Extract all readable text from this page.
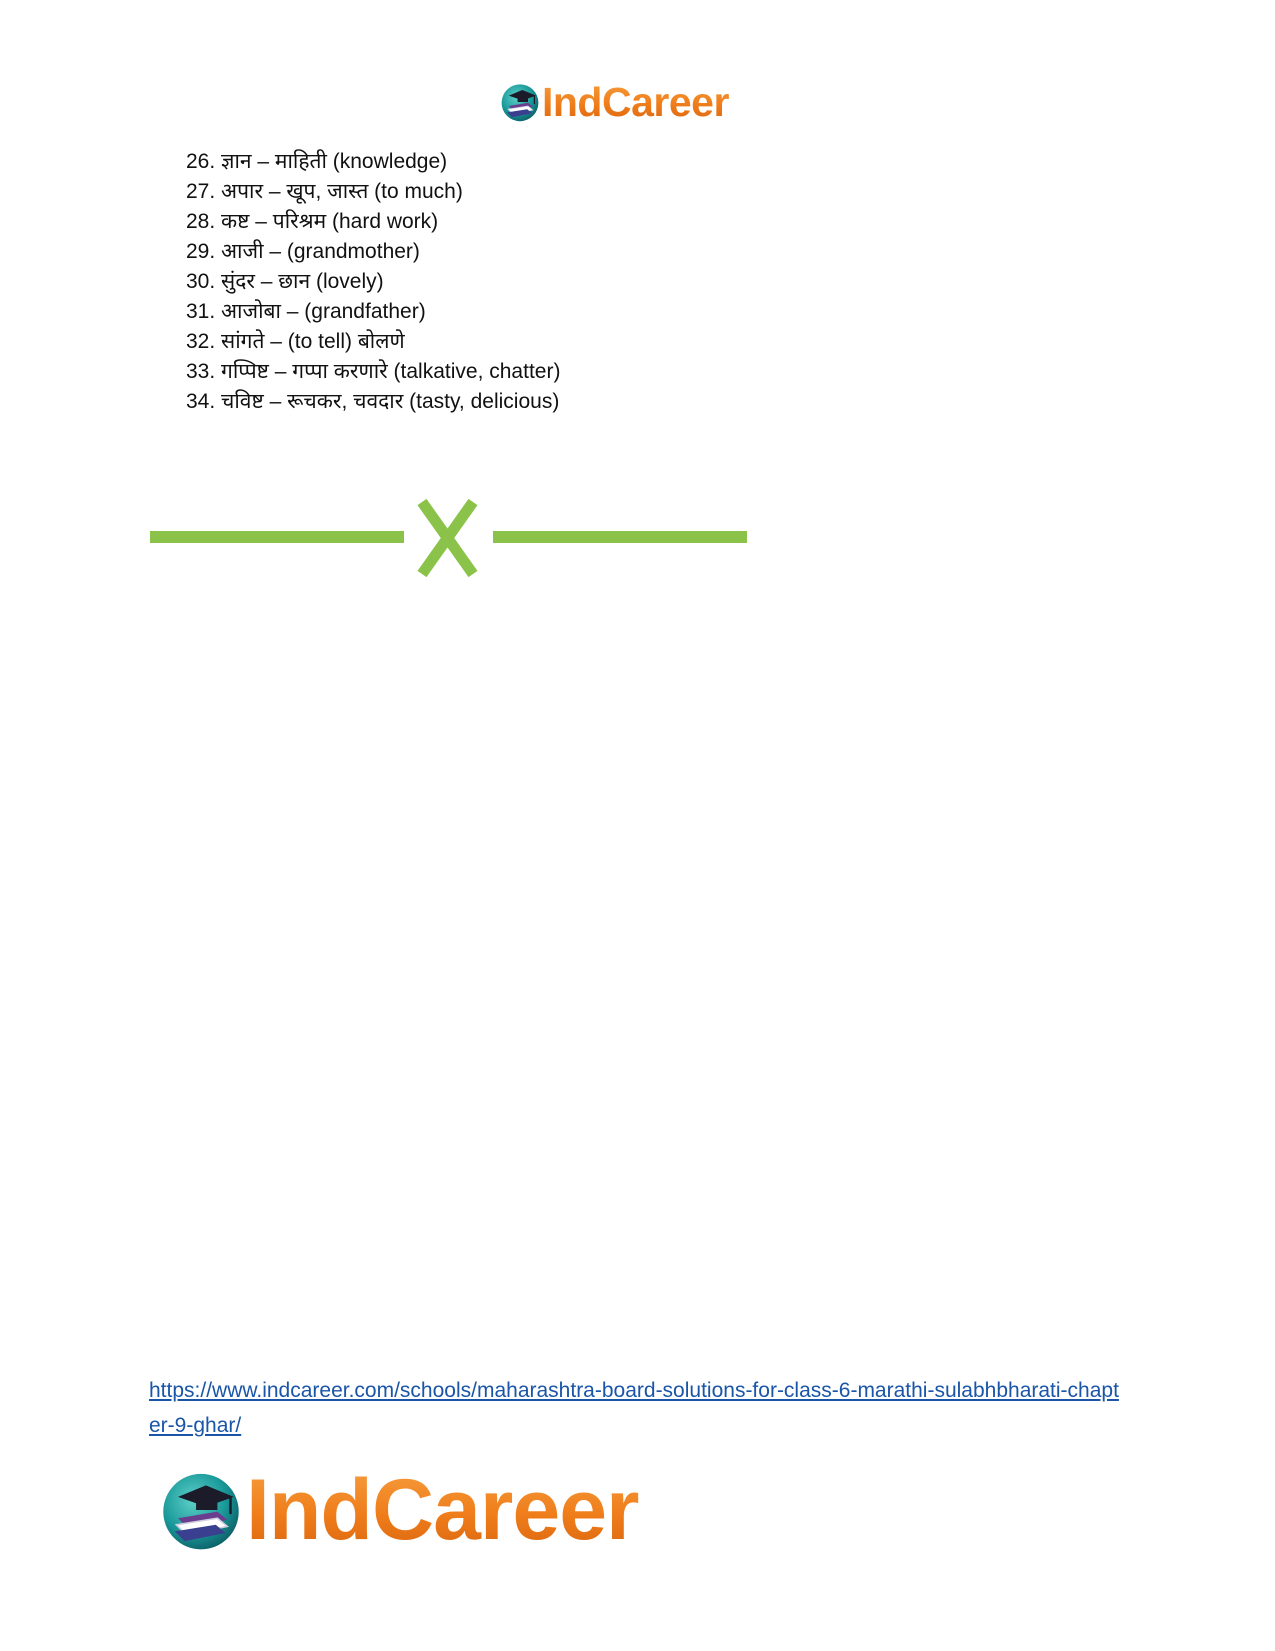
IndCareer
26. ज्ञान – माहिती (knowledge)
27. अपार – खूप, जास्त (to much)
28. कष्ट – परिश्रम (hard work)
29. आजी – (grandmother)
30. सुंदर – छान (lovely)
31. आजोबा – (grandfather)
32. सांगते – (to tell) बोलणे
33. गप्पिष्ट – गप्पा करणारे (talkative, chatter)
34. चविष्ट – रूचकर, चवदार (tasty, delicious)
https://www.indcareer.com/schools/maharashtra-board-solutions-for-class-6-marathi-sulabhbharati-chapter-9-ghar/
IndCareer
